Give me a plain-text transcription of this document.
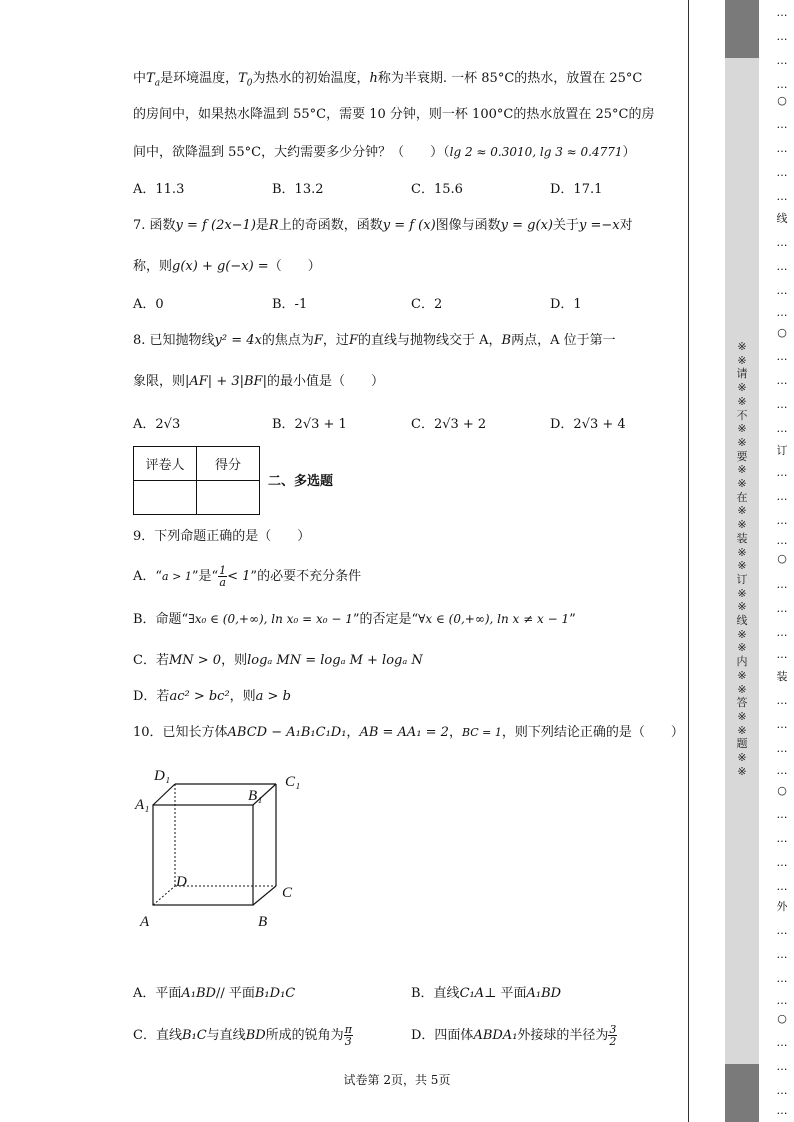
中$T_a$是环境温度，$T_0$为热水的初始温度，h称为半衰期. 一杯 85°C的热水，放置在 25°C
的房间中，如果热水降温到 55°C，需要 10 分钟，则一杯 100°C的热水放置在 25°C的房
间中，欲降温到 55°C，大约需要多少分钟？（　　）（lg 2 ≈ 0.3010, lg 3 ≈ 0.4771）
A．11.3	B．13.2	C．15.6	D．17.1
7. 函数y = f (2x−1)是R上的奇函数，函数y = f (x)图像与函数y = g(x)关于y =−x对
称，则g(x) + g(−x) =（　　）
A．0	B．-1	C．2	D．1
8. 已知抛物线y² = 4x的焦点为F，过F的直线与抛物线交于 A，B两点，A 位于第一
象限，则|AF| + 3|BF|的最小值是（　　）
A．2√3	B．2√3 + 1	C．2√3 + 2	D．2√3 + 4
9．下列命题正确的是（　　）
A．“a > 1”是“ $\frac{1}{a} < 1$”的必要不充分条件
B．命题“∃x₀ ∈ (0,+∞), ln x₀ = x₀ − 1”的否定是“∀x ∈ (0,+∞), ln x ≠ x − 1”
C．若MN > 0，则logₐ MN = logₐ M + logₐ N
D．若ac² > bc²，则a > b
10．已知长方体ABCD − A₁B₁C₁D₁，AB = AA₁ = 2，BC = 1，则下列结论正确的是（　　）
A．平面A₁BD// 平面B₁D₁C	B．直线C₁A⊥ 平面A₁BD
C．直线B₁C与直线BD所成的锐角为 $\frac{\pi}{3}$	D．四面体ABDA₁外接球的半径为 $\frac{3}{2}$
评卷人	得分

二、多选题
D₁	C₁
A₁
B₁
D
C
A	B
试卷第 2页，共 5页
※※请※※不※※要※※在※※装※※订※※线※※内※※答※※题※※
…
…
…
…
○
…
…
…
…
线
…
…
…
…
○
…
…
…
…
订
…
…
…
…
○
…
…
…
…
装
…
…
…
…
○
…
…
…
…
外
…
…
…
…
○
…
…
…
…
